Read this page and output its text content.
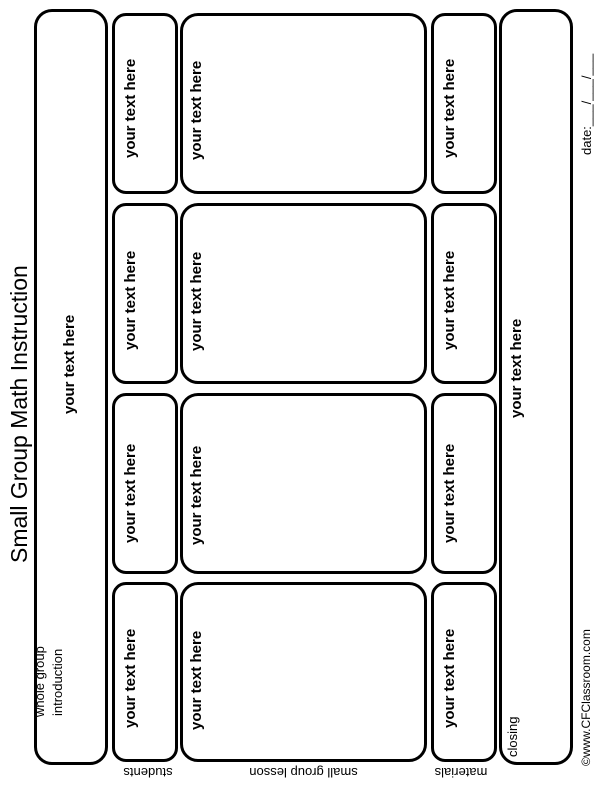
Small Group Math Instruction your text here
whole group introduction
your text here
your text here
your text here
your text here
your text here
your text here
your text here
your text here
your text here
your text here
your text here
your text here
your text here
closing
students	small group lesson	materials
date:___/___/___
©www.CFClassroom.com
